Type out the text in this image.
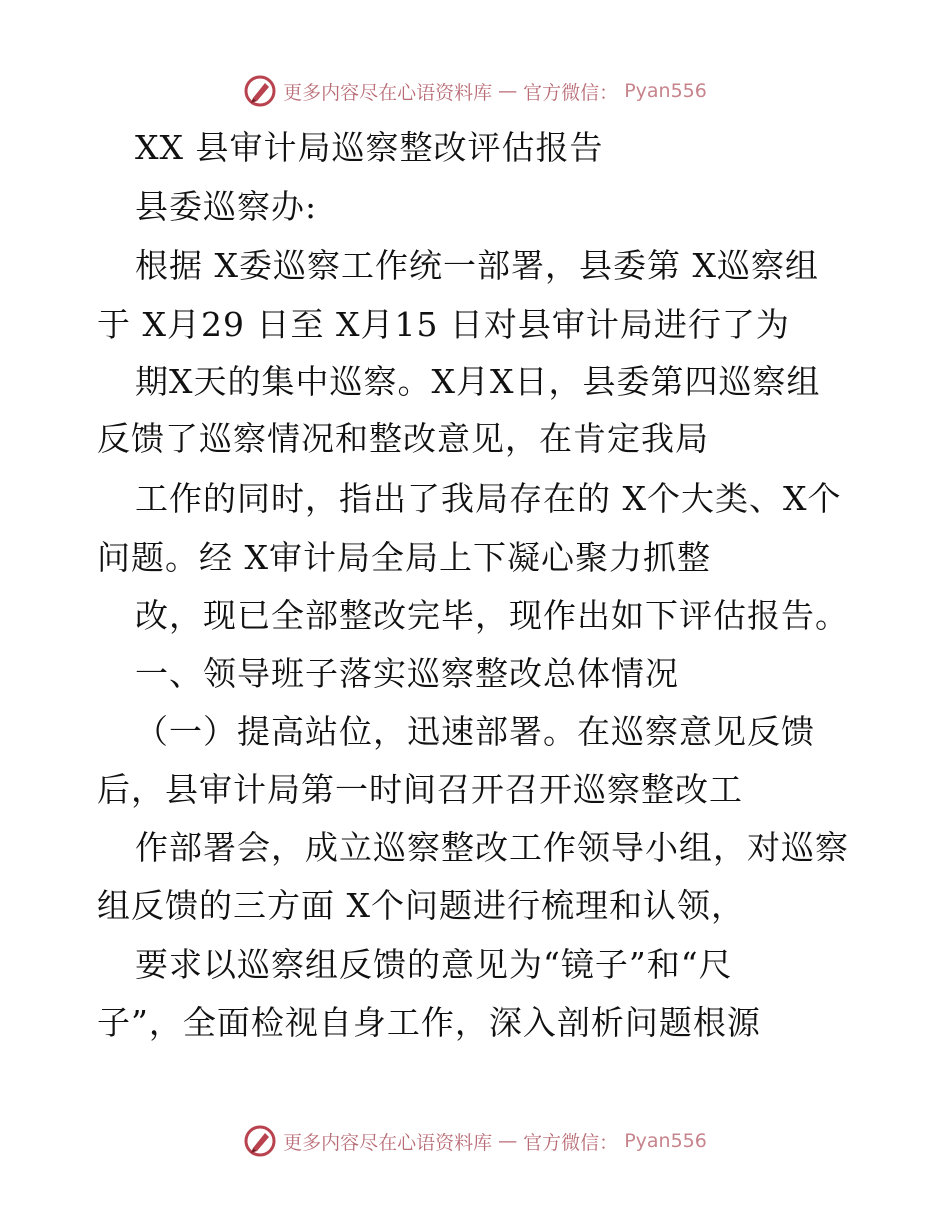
更多内容尽在心语资料库 — 官方微信： Pyan556
XX 县审计局巡察整改评估报告
县委巡察办:
根据 X委巡察工作统一部署，县委第 X巡察组
于 X月29 日至 X月15 日对县审计局进行了为
期X天的集中巡察。X月X日，县委第四巡察组
反馈了巡察情况和整改意见，在肯定我局
工作的同时，指出了我局存在的 X个大类、X个
问题。经 X审计局全局上下凝心聚力抓整
改，现已全部整改完毕，现作出如下评估报告。
一、领导班子落实巡察整改总体情况
（一）提高站位，迅速部署。在巡察意见反馈
后，县审计局第一时间召开召开巡察整改工
作部署会，成立巡察整改工作领导小组，对巡察
组反馈的三方面 X个问题进行梳理和认领，
要求以巡察组反馈的意见为“镜子”和“尺
子”，全面检视自身工作，深入剖析问题根源
更多内容尽在心语资料库 — 官方微信： Pyan556
